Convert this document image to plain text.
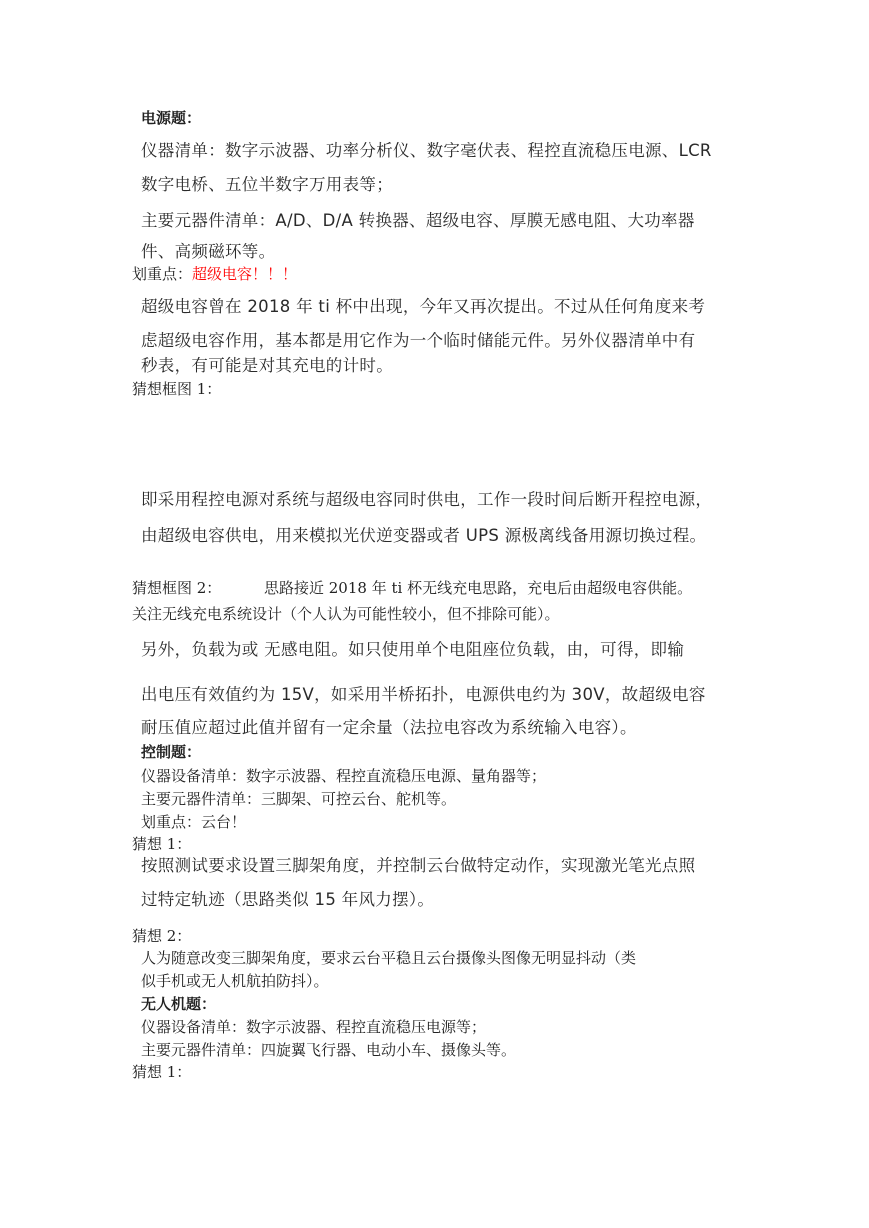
电源题：
仪器清单：数字示波器、功率分析仪、数字毫伏表、程控直流稳压电源、LCR
数字电桥、五位半数字万用表等；
主要元器件清单：A/D、D/A 转换器、超级电容、厚膜无感电阻、大功率器
件、高频磁环等。
划重点：超级电容！！！
超级电容曾在 2018 年 ti 杯中出现，今年又再次提出。不过从任何角度来考
虑超级电容作用，基本都是用它作为一个临时储能元件。另外仪器清单中有
秒表，有可能是对其充电的计时。
猜想框图 1：
即采用程控电源对系统与超级电容同时供电，工作一段时间后断开程控电源，
由超级电容供电，用来模拟光伏逆变器或者 UPS 源极离线备用源切换过程。
猜想框图 2：	思路接近 2018 年 ti 杯无线充电思路，充电后由超级电容供能。
关注无线充电系统设计（个人认为可能性较小，但不排除可能）。
另外，负载为或 无感电阻。如只使用单个电阻座位负载，由，可得，即输
出电压有效值约为 15V，如采用半桥拓扑，电源供电约为 30V，故超级电容
耐压值应超过此值并留有一定余量（法拉电容改为系统输入电容）。
控制题：
仪器设备清单：数字示波器、程控直流稳压电源、量角器等；
主要元器件清单：三脚架、可控云台、舵机等。
划重点：云台！
猜想 1：
按照测试要求设置三脚架角度，并控制云台做特定动作，实现激光笔光点照
过特定轨迹（思路类似 15 年风力摆）。
猜想 2：
人为随意改变三脚架角度，要求云台平稳且云台摄像头图像无明显抖动（类
似手机或无人机航拍防抖）。
无人机题：
仪器设备清单：数字示波器、程控直流稳压电源等；
主要元器件清单：四旋翼飞行器、电动小车、摄像头等。
猜想 1：
